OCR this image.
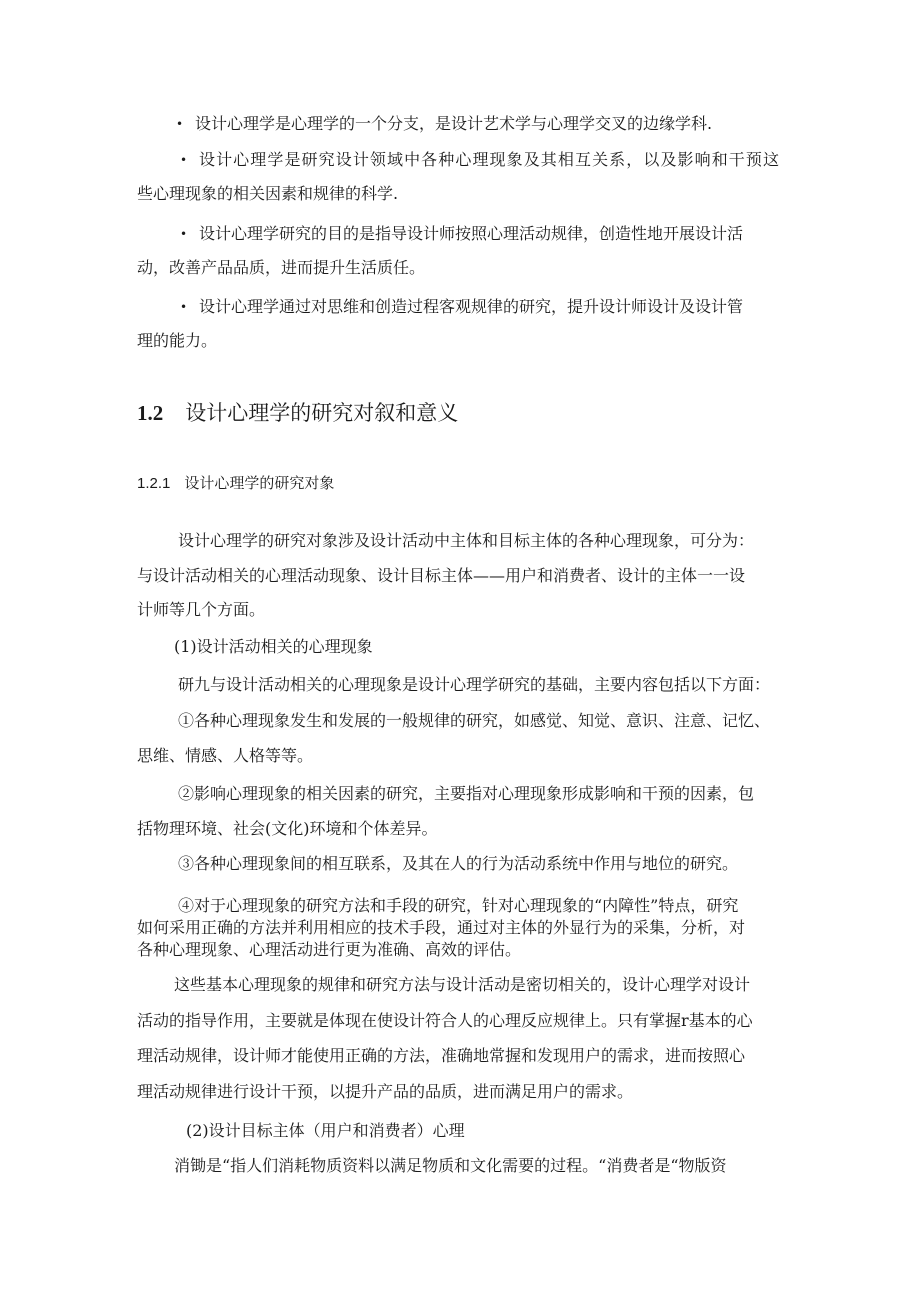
• 设计心理学是心理学的一个分支，是设计艺术学与心理学交叉的边缘学科.
• 设计心理学是研究设计领域中各种心理现象及其相互关系，以及影响和干预这
些心理现象的相关因素和规律的科学.
• 设计心理学研究的目的是指导设计师按照心理活动规律，创造性地开展设计活
动，改善产品品质，进而提升生活质任。
• 设计心理学通过对思维和创造过程客观规律的研究，提升设计师设计及设计管
理的能力。
1.2 设计心理学的研究对叙和意义
1.2.1 设计心理学的研究对象
设计心理学的研究对象涉及设计活动中主体和目标主体的各种心理现象，可分为：
与设计活动相关的心理活动现象、设计目标主体——用户和消费者、设计的主体一一设
计师等几个方面。
(1)设计活动相关的心理现象
研九与设计活动相关的心理现象是设计心理学研究的基础，主要内容包括以下方面：
①各种心理现象发生和发展的一般规律的研究，如感觉、知觉、意识、注意、记忆、
思维、情感、人格等等。
②影响心理现象的相关因素的研究，主要指对心理现象形成影响和干预的因素，包
括物理环境、社会(文化)环境和个体差异。
③各种心理现象间的相互联系，及其在人的行为活动系统中作用与地位的研究。
④对于心理现象的研究方法和手段的研究，针对心理现象的“内障性”特点，研究
如何采用正确的方法并利用相应的技术手段，通过对主体的外显行为的采集，分析，对
各种心理现象、心理活动进行更为准确、高效的评估。
这些基本心理现象的规律和研究方法与设计活动是密切相关的，设计心理学对设计
活动的指导作用，主要就是体现在使设计符合人的心理反应规律上。只有掌握r基本的心
理活动规律，设计师才能使用正确的方法，准确地常握和发现用户的需求，进而按照心
理活动规律进行设计干预，以提升产品的品质，进而满足用户的需求。
(2)设计目标主体（用户和消费者）心理
消锄是“指人们消耗物质资料以满足物质和文化需要的过程。“消费者是“物版资
